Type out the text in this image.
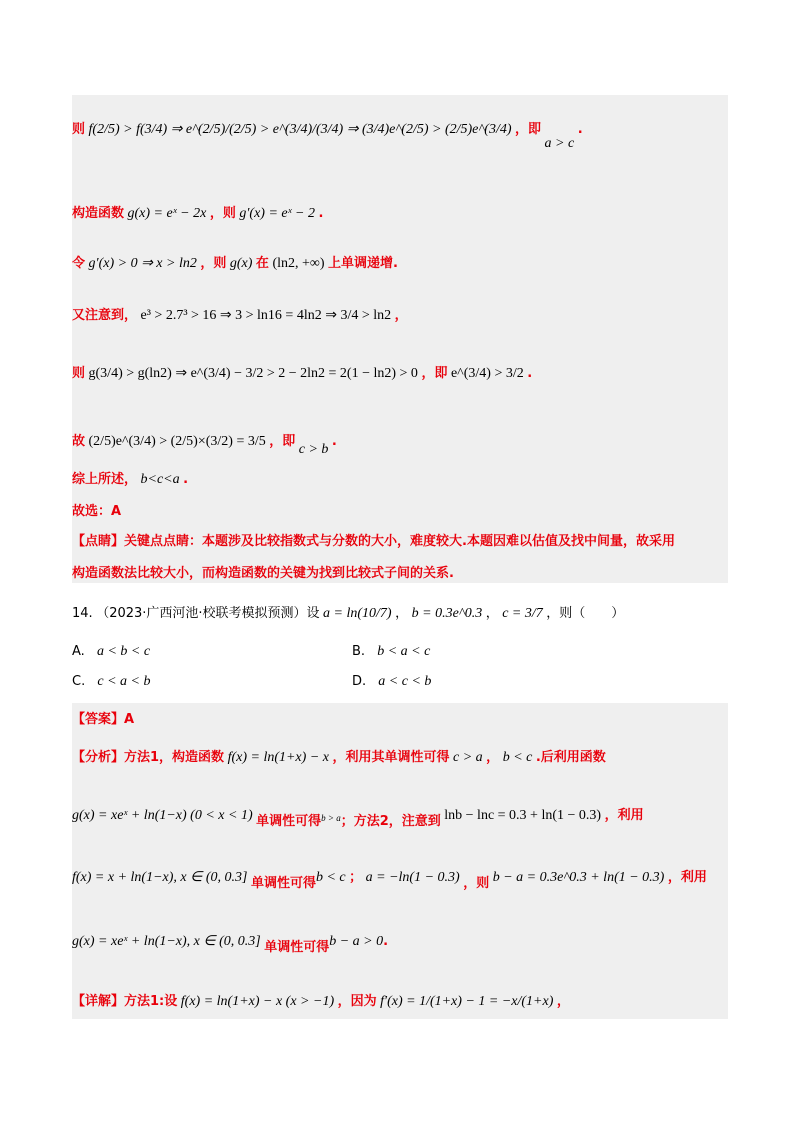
则 f(2/5) > f(3/4) ⇒ e^(2/5)/(2/5) > e^(3/4)/(3/4) ⇒ (3/4)e^(2/5) > (2/5)e^(3/4) ，即 a > c .
构造函数 g(x) = eˣ − 2x ，则 g′(x) = eˣ − 2 .
令 g′(x) > 0 ⇒ x > ln2 ，则 g(x) 在 (ln2, +∞) 上单调递增.
又注意到， e³ > 2.7³ > 16 ⇒ 3 > ln16 = 4ln2 ⇒ 3/4 > ln2 ，
则 g(3/4) > g(ln2) ⇒ e^(3/4) − 3/2 > 2 − 2ln2 = 2(1 − ln2) > 0 ，即 e^(3/4) > 3/2 .
故 (2/5)e^(3/4) > (2/5)×(3/2) = 3/5 ，即 c > b .
综上所述， b<c<a .
故选：A
【点睛】关键点点睛：本题涉及比较指数式与分数的大小，难度较大.本题因难以估值及找中间量，故采用
构造函数法比较大小，而构造函数的关键为找到比较式子间的关系.
14. （2023·广西河池·校联考模拟预测）设 a = ln(10/7) ， b = 0.3e^0.3 ， c = 3/7 ，则（　　）
A. a < b < c	B. b < a < c
C. c < a < b	D. a < c < b
【答案】A
【分析】方法1，构造函数 f(x) = ln(1+x) − x ，利用其单调性可得 c > a ， b < c .后利用函数
g(x) = xeˣ + ln(1−x) (0 < x < 1) 单调性可得b > a；方法2，注意到 lnb − lnc = 0.3 + ln(1 − 0.3) ，利用
f(x) = x + ln(1−x), x ∈ (0, 0.3] 单调性可得b < c ； a = −ln(1 − 0.3) ，则 b − a = 0.3e^0.3 + ln(1 − 0.3) ，利用
g(x) = xeˣ + ln(1−x), x ∈ (0, 0.3] 单调性可得b − a > 0.
【详解】方法1:设 f(x) = ln(1+x) − x (x > −1) ，因为 f′(x) = 1/(1+x) − 1 = −x/(1+x) ，
